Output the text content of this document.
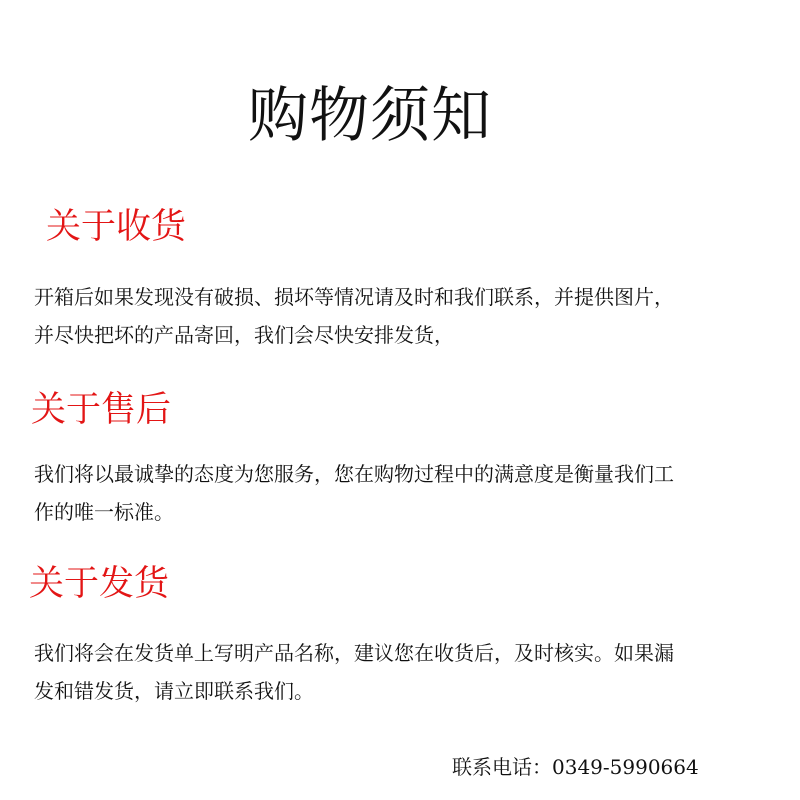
购物须知
关于收货
开箱后如果发现没有破损、损坏等情况请及时和我们联系，并提供图片，
并尽快把坏的产品寄回，我们会尽快安排发货，
关于售后
我们将以最诚挚的态度为您服务，您在购物过程中的满意度是衡量我们工
作的唯一标准。
关于发货
我们将会在发货单上写明产品名称，建议您在收货后，及时核实。如果漏
发和错发货，请立即联系我们。
联系电话：0349-5990664
